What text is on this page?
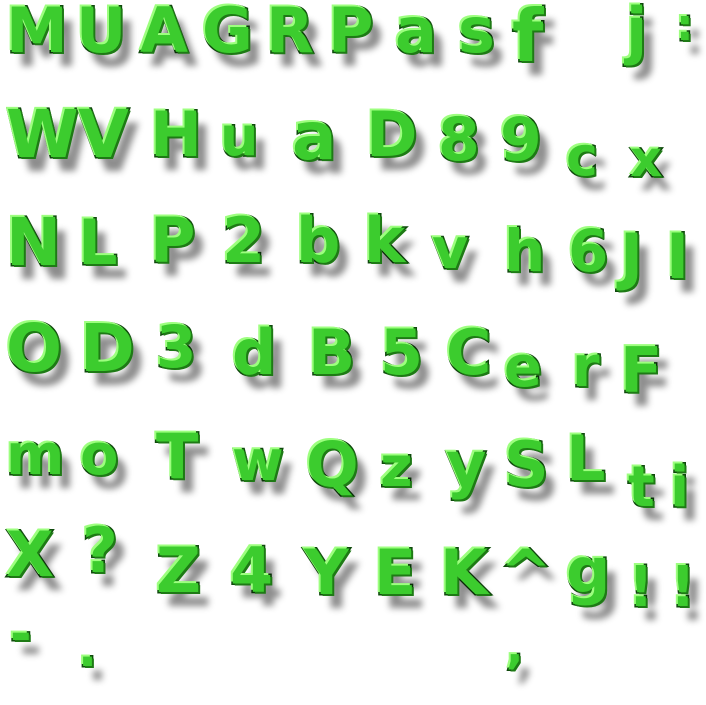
M U A G R P a s f j :
W V H u a D 8 9 c x
N L P 2 b k v h 6 J I
O D 3 d B 5 C e r F
m o T w Q z y S L t i
X ? Z 4 Y E K ^ g ! !
- .	,
